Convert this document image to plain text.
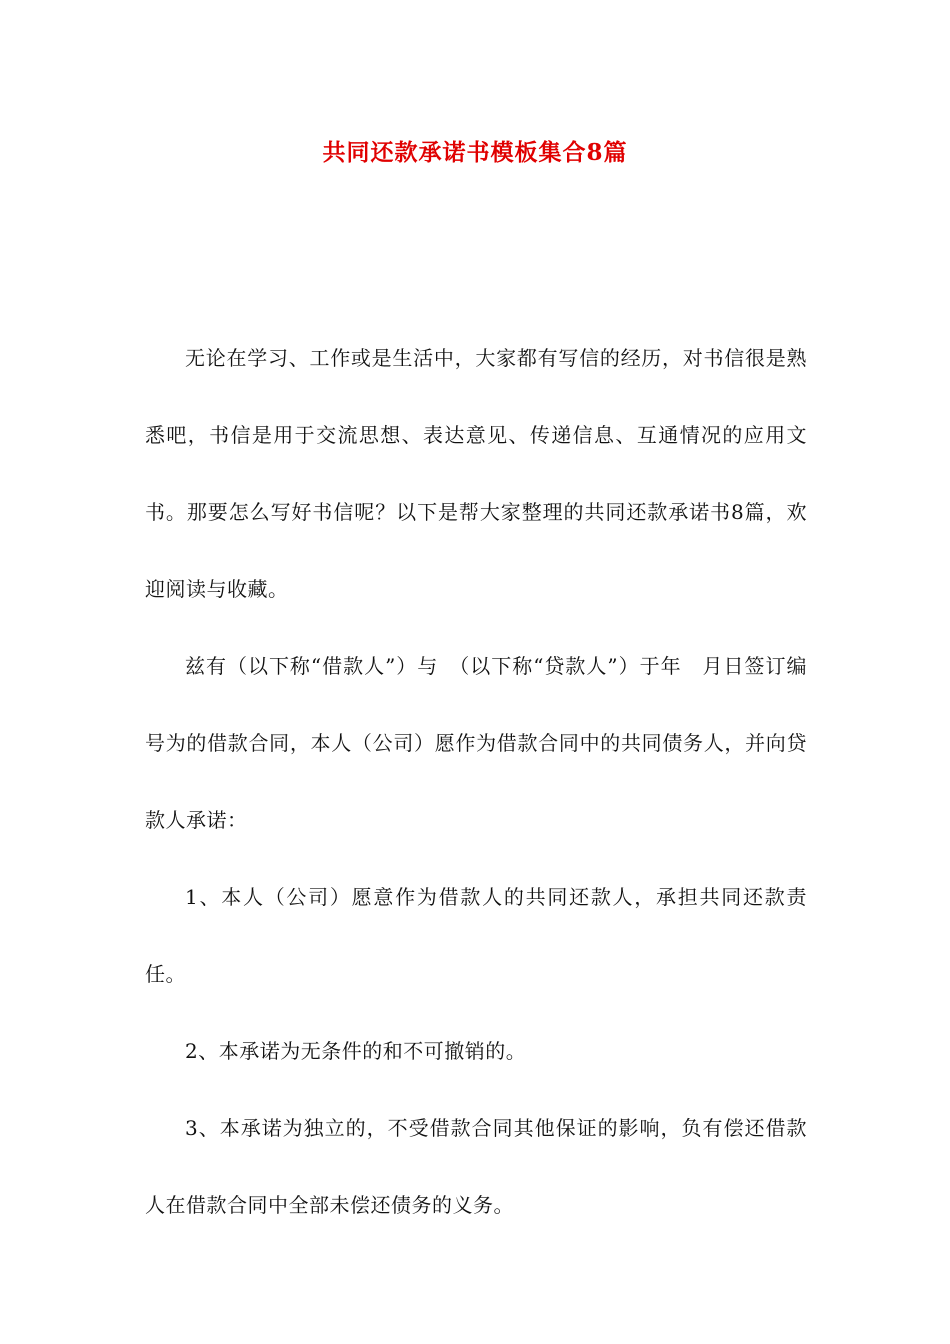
共同还款承诺书模板集合8篇

无论在学习、工作或是生活中，大家都有写信的经历，对书信很是熟悉吧，书信是用于交流思想、表达意见、传递信息、互通情况的应用文书。那要怎么写好书信呢？以下是帮大家整理的共同还款承诺书8篇，欢迎阅读与收藏。

兹有（以下称“借款人”）与　（以下称“贷款人”）于年　月日签订编号为的借款合同，本人（公司）愿作为借款合同中的共同债务人，并向贷款人承诺：

1、本人（公司）愿意作为借款人的共同还款人，承担共同还款责任。

2、本承诺为无条件的和不可撤销的。

3、本承诺为独立的，不受借款合同其他保证的影响，负有偿还借款人在借款合同中全部未偿还债务的义务。
